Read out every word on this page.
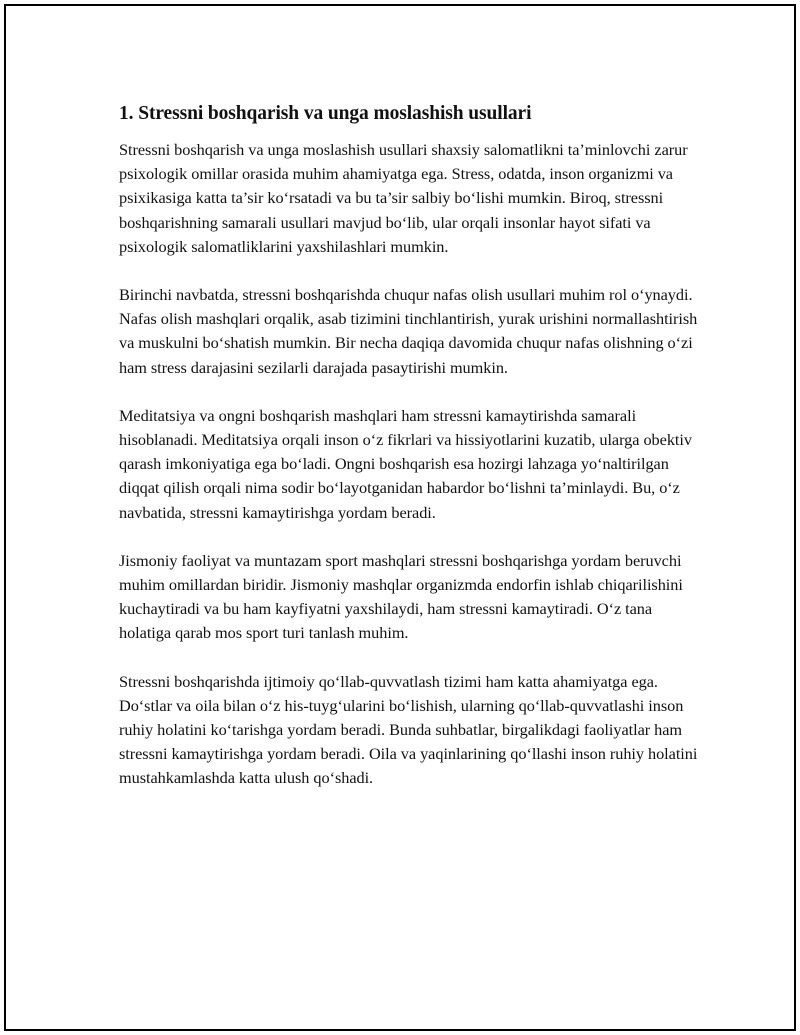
1. Stressni boshqarish va unga moslashish usullari

Stressni boshqarish va unga moslashish usullari shaxsiy salomatlikni ta’minlovchi zarur psixologik omillar orasida muhim ahamiyatga ega. Stress, odatda, inson organizmi va psixikasiga katta ta’sir ko‘rsatadi va bu ta’sir salbiy bo‘lishi mumkin. Biroq, stressni boshqarishning samarali usullari mavjud bo‘lib, ular orqali insonlar hayot sifati va psixologik salomatliklarini yaxshilashlari mumkin.

Birinchi navbatda, stressni boshqarishda chuqur nafas olish usullari muhim rol o‘ynaydi. Nafas olish mashqlari orqalik, asab tizimini tinchlantirish, yurak urishini normallashtirish va muskulni bo‘shatish mumkin. Bir necha daqiqa davomida chuqur nafas olishning o‘zi ham stress darajasini sezilarli darajada pasaytirishi mumkin.

Meditatsiya va ongni boshqarish mashqlari ham stressni kamaytirishda samarali hisoblanadi. Meditatsiya orqali inson o‘z fikrlari va hissiyotlarini kuzatib, ularga obektiv qarash imkoniyatiga ega bo‘ladi. Ongni boshqarish esa hozirgi lahzaga yo‘naltirilgan diqqat qilish orqali nima sodir bo‘layotganidan habardor bo‘lishni ta’minlaydi. Bu, o‘z navbatida, stressni kamaytirishga yordam beradi.

Jismoniy faoliyat va muntazam sport mashqlari stressni boshqarishga yordam beruvchi muhim omillardan biridir. Jismoniy mashqlar organizmda endorfin ishlab chiqarilishini kuchaytiradi va bu ham kayfiyatni yaxshilaydi, ham stressni kamaytiradi. O‘z tana holatiga qarab mos sport turi tanlash muhim.

Stressni boshqarishda ijtimoiy qo‘llab-quvvatlash tizimi ham katta ahamiyatga ega. Do‘stlar va oila bilan o‘z his-tuyg‘ularini bo‘lishish, ularning qo‘llab-quvvatlashi inson ruhiy holatini ko‘tarishga yordam beradi. Bunda suhbatlar, birgalikdagi faoliyatlar ham stressni kamaytirishga yordam beradi. Oila va yaqinlarining qo‘llashi inson ruhiy holatini mustahkamlashda katta ulush qo‘shadi.
